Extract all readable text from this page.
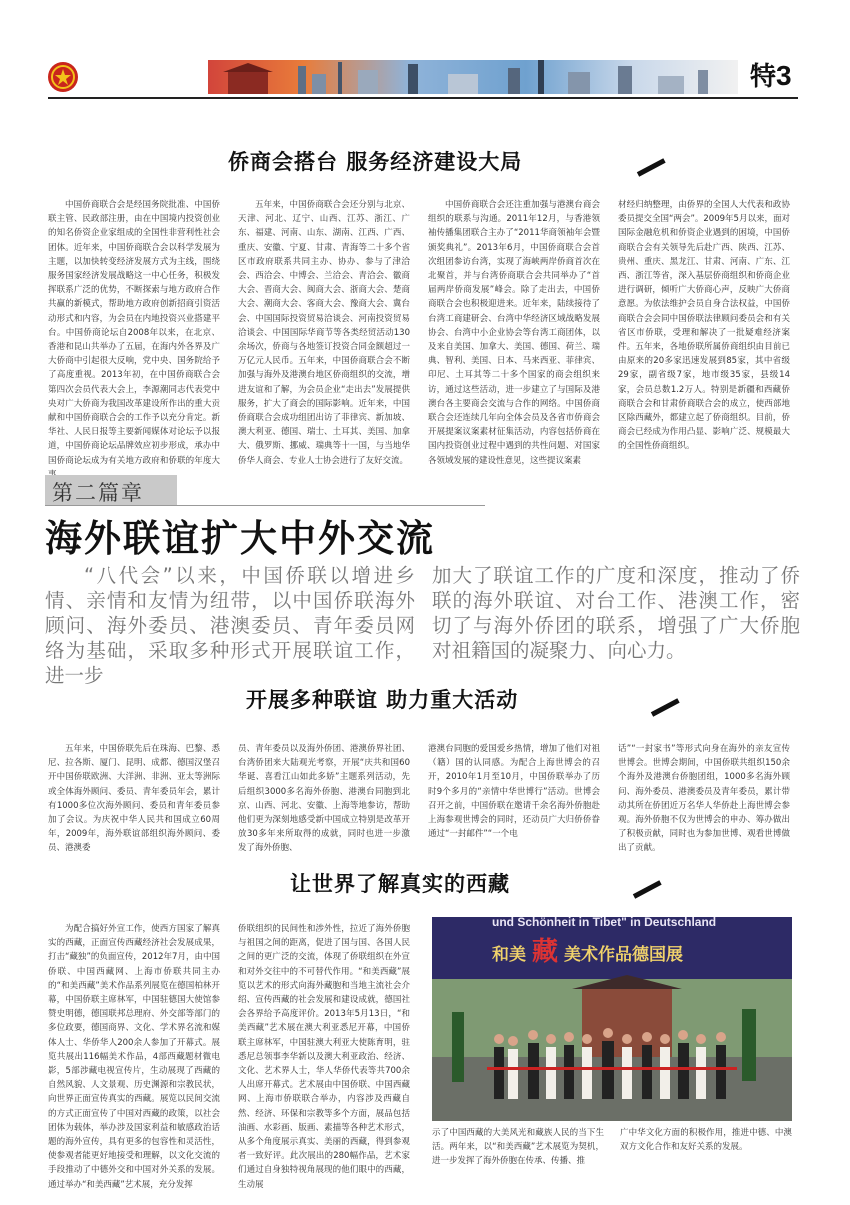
特3
侨商会搭台 服务经济建设大局

中国侨商联合会是经国务院批准、中国侨联主管、民政部注册，由在中国境内投资创业的知名侨资企业家组成的全国性非营利性社会团体。近年来，中国侨商联合会以科学发展为主题，以加快转变经济发展方式为主线，围绕服务国家经济发展战略这一中心任务，积极发挥联系广泛的优势，不断探索与地方政府合作共赢的新模式，帮助地方政府创新招商引资活动形式和内容，为会员在内地投资兴业搭建平台。中国侨商论坛自2008年以来，在北京、香港和昆山共举办了五届，在海内外各界及广大侨商中引起很大反响，党中央、国务院给予了高度重视。2013年初，在中国侨商联合会第四次会员代表大会上，李源潮同志代表党中央对广大侨商为我国改革建设所作出的重大贡献和中国侨商联合会的工作予以充分肯定。新华社、人民日报等主要新闻媒体对论坛予以报道，中国侨商论坛品牌效应初步形成，承办中国侨商论坛成为有关地方政府和侨联的年度大

五年来，中国侨商联合会还分别与北京、天津、河北、辽宁、山西、江苏、浙江、广东、福建、河南、山东、湖南、江西、广西、重庆、安徽、宁夏、甘肃、青海等二十多个省区市政府联系共同主办、协办、参与了津洽会、西洽会、中博会、兰洽会、青洽会、徽商大会、晋商大会、闽商大会、浙商大会、楚商大会、潮商大会、客商大会、豫商大会、冀台会、中国国际投资贸易洽谈会、河南投资贸易洽谈会、中国国际华商节等各类经贸活动130余场次，侨商与各地签订投资合同金额超过一万亿元人民币。五年来，中国侨商联合会不断加强与海外及港澳台地区侨商组织的交流，增进友谊和了解，为会员企业“走出去”发展提供服务，扩大了商会的国际影响。近年来，中国侨商联合会成功组团出访了菲律宾、新加坡、澳大利亚、德国、瑞士、土耳其、美国、加拿大、俄罗斯、挪威、瑞典等十一国，与当地华侨华人商会、专业人士协会进行了友好交流。

中国侨商联合会还注重加强与港澳台商会组织的联系与沟通。2011年12月，与香港领袖传播集团联合主办了“2011华商领袖年会暨颁奖典礼”。2013年6月，中国侨商联合会首次组团参访台湾，实现了海峡两岸侨商首次在北聚首，并与台湾侨商联合会共同举办了“首届两岸侨商发展”峰会。除了走出去，中国侨商联合会也积极迎进来。近年来，陆续接待了台湾工商建研会、台湾中华经济区域战略发展协会、台湾中小企业协会等台湾工商团体，以及来自美国、加拿大、美国、德国、荷兰、瑞典、智利、美国、日本、马来西亚、菲律宾、印尼、土耳其等二十多个国家的商会组织来访，通过这些活动，进一步建立了与国际及港澳台各主要商会交流与合作的网络。中国侨商联合会还连续几年向全体会员及各省市侨商会开展提案议案素材征集活动，内容包括侨商在国内投资创业过程中遇到的共性问题、对国家各领域发展的建设性意见，这些提议案素

材经归纳整理，由侨界的全国人大代表和政协委员提交全国“两会”。2009年5月以来，面对国际金融危机和侨资企业遇到的困境，中国侨商联合会有关领导先后赴广西、陕西、江苏、贵州、重庆、黑龙江、甘肃、河南、广东、江西、浙江等省，深入基层侨商组织和侨商企业进行调研，倾听广大侨商心声，反映广大侨商意愿。为依法维护会员自身合法权益，中国侨商联合会会同中国侨联法律顾问委员会和有关省区市侨联，受理和解决了一批疑难经济案件。五年来，各地侨联所属侨商组织由目前已由原来的20多家迅速发展到85家，其中省级29家，副省级7家，地市级35家，县级14家，会员总数1.2万人。特别是新疆和西藏侨商联合会和甘肃侨商联合会的成立，使西部地区除西藏外，都建立起了侨商组织。目前，侨商会已经成为作用凸显、影响广泛、规模最大的全国性侨商组织。

第二篇章
海外联谊扩大中外交流
“八代会”以来，中国侨联以增进乡情、亲情和友情为纽带，以中国侨联海外顾问、海外委员、港澳委员、青年委员网络为基础，采取多种形式开展联谊工作，进一步
加大了联谊工作的广度和深度，推动了侨联的海外联谊、对台工作、港澳工作，密切了与海外侨团的联系，增强了广大侨胞对祖籍国的凝聚力、向心力。
开展多种联谊 助力重大活动

五年来，中国侨联先后在珠海、巴黎、悉尼、拉各斯、厦门、昆明、成都、德国汉堡召开中国侨联欧洲、大洋洲、非洲、亚太等洲际或全体海外顾问、委员、青年委员年会，累计有1000多位次海外顾问、委员和青年委员参加了会议。为庆祝中华人民共和国成立60周年，2009年，海外联谊部组织海外顾问、委员、港澳委

员、青年委员以及海外侨团、港澳侨界社团、台湾侨团来大陆观光考察，开展“庆共和国60华诞、喜看江山如此多娇”主题系列活动，先后组织3000多名海外侨胞、港澳台同胞到北京、山西、河北、安徽、上海等地参访，帮助他们更为深刻地感受新中国成立特别是改革开放30多年来所取得的成就，同时也进一步激发了海外侨胞、

港澳台同胞的爱国爱乡热情，增加了他们对祖（籍）国的认同感。为配合上海世博会的召开，2010年1月至10月，中国侨联举办了历时9个多月的“亲情中华世博行”活动。世博会召开之前，中国侨联在邀请千余名海外侨胞赴上海参观世博会的同时，还动员广大归侨侨眷通过“一封邮件”“一个电

话”“一封家书”等形式向身在海外的亲友宣传世博会。世博会期间，中国侨联共组织150余个海外及港澳台侨胞团组，1000多名海外顾问、海外委员、港澳委员及青年委员，累计带动其所在侨团近万名华人华侨赴上海世博会参观。海外侨胞不仅为世博会的申办、筹办做出了积极贡献，同时也为参加世博、观看世博做出了贡献。

让世界了解真实的西藏

为配合搞好外宣工作，使西方国家了解真实的西藏，正面宣传西藏经济社会发展成果，打击“藏独”的负面宣传，2012年7月，由中国侨联、中国西藏网、上海市侨联共同主办的“和美西藏”美术作品系列展览在德国柏林开幕，中国侨联主席林军，中国驻德国大使馆参赞史明德，德国联邦总理府、外交部等部门的多位政要，德国商界、文化、学术界名流和媒体人士、华侨华人200余人参加了开幕式。展览共展出116幅美术作品，4部西藏题材微电影，5部涉藏电视宣传片，生动展现了西藏的自然风貌、人文景观、历史渊源和宗教民状，向世界正面宣传真实的西藏。展览以民间交流的方式正面宣传了中国对西藏的政策，以社会团体为载体，举办涉及国家利益和敏感政治话题的海外宣传，具有更多的包容性和灵活性，使参观者能更好地接受和理解，以文化交流的手段推动了中德外交和中国对外关系的发展。通过举办“和美西藏”艺术展，充分发挥

侨联组织的民间性和涉外性，拉近了海外侨胞与祖国之间的距离，促进了国与国、各国人民之间的更广泛的交流，体现了侨联组织在外宣和对外交往中的不可替代作用。“和美西藏”展览以艺术的形式向海外藏胞和当地主流社会介绍、宣传西藏的社会发展和建设成就，德国社会各界给予高度评价。2013年5月13日，“和美西藏”艺术展在澳大利亚悉尼开幕，中国侨联主席林军，中国驻澳大利亚大使陈育明，驻悉尼总领事李华新以及澳大利亚政治、经济、文化、艺术界人士，华人华侨代表等共700余人出席开幕式。艺术展由中国侨联、中国西藏网、上海市侨联联合举办，内容涉及西藏自然、经济、环保和宗教等多个方面，展品包括油画、水彩画、版画、素描等各种艺术形式，从多个角度展示真实、美丽的西藏，得到参观者一致好评。此次展出的280幅作品，艺术家们通过自身独特视角展现的他们眼中的西藏，生动展

und Schönheit in Tibet" in Deutschland
和美 藏 美术作品德国展

示了中国西藏的大美风光和藏族人民的当下生活。两年来，以“和美西藏”艺术展览为契机，进一步发挥了海外侨胞在传承、传播、推

广中华文化方面的积极作用，推进中德、中澳双方文化合作和友好关系的发展。
